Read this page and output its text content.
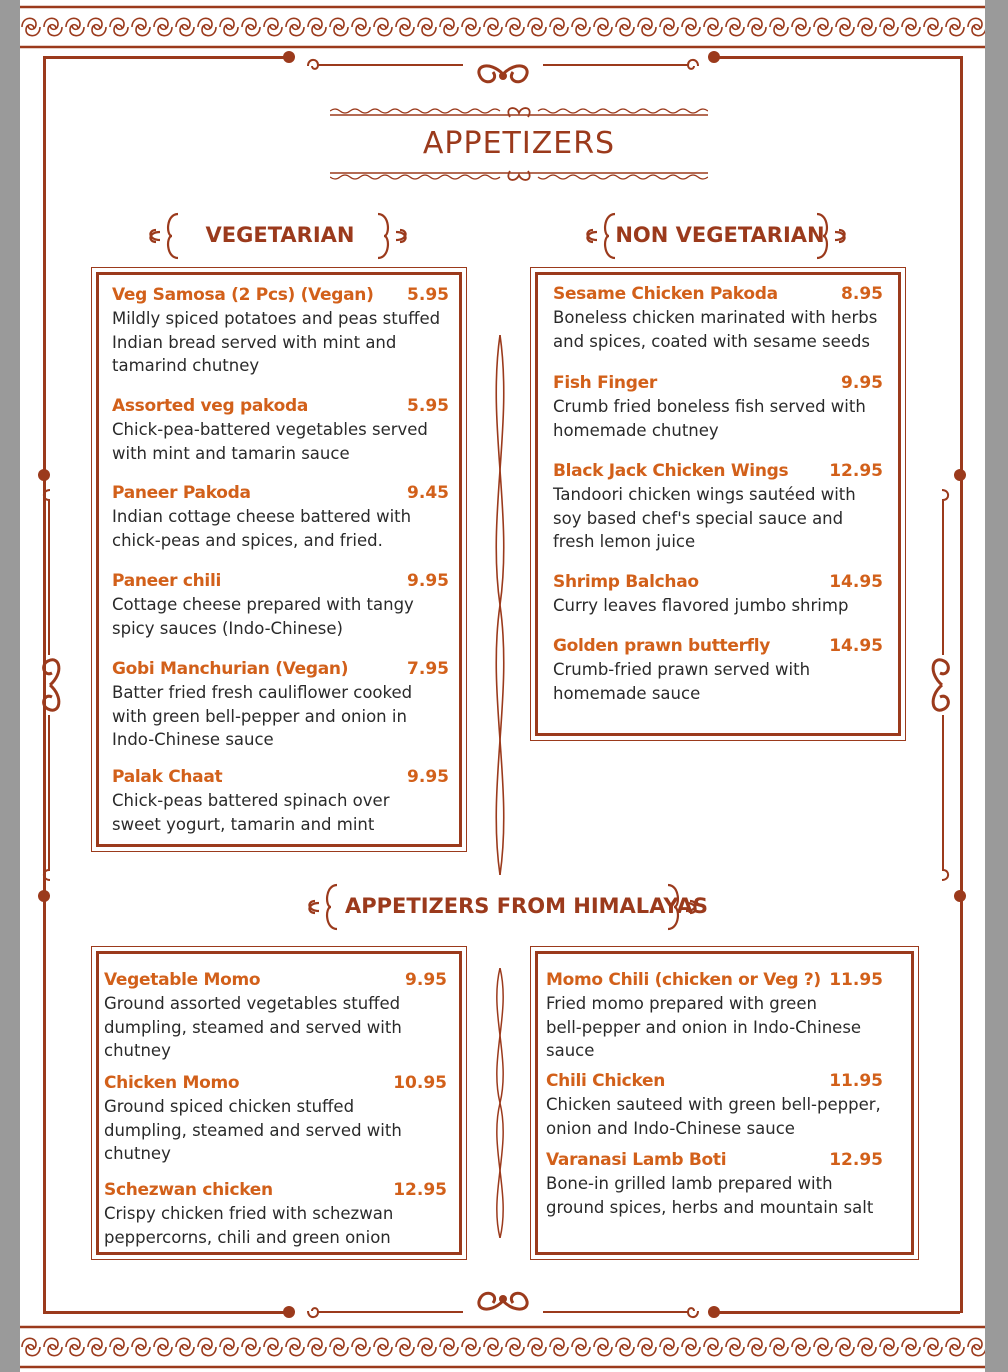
APPETIZERS
VEGETARIAN	NON VEGETARIAN
APPETIZERS FROM HIMALAYAS
Veg Samosa (2 Pcs) (Vegan) 5.95
Mildly spiced potatoes and peas stuffed
Indian bread served with mint and
tamarind chutney
Assorted veg pakoda	5.95
Chick-pea-battered vegetables served
with mint and tamarin sauce
Paneer Pakoda	9.45
Indian cottage cheese battered with
chick-peas and spices, and fried.
Paneer chili	9.95
Cottage cheese prepared with tangy
spicy sauces (Indo-Chinese)
Gobi Manchurian (Vegan)	7.95
Batter fried fresh cauliflower cooked
with green bell-pepper and onion in
Indo-Chinese sauce
Palak Chaat	9.95
Chick-peas battered spinach over
sweet yogurt, tamarin and mint
Sesame Chicken Pakoda	8.95
Boneless chicken marinated with herbs
and spices, coated with sesame seeds
Fish Finger	9.95
Crumb fried boneless fish served with
homemade chutney
Black Jack Chicken Wings 12.95
Tandoori chicken wings sautéed with
soy based chef's special sauce and
fresh lemon juice
Shrimp Balchao	14.95
Curry leaves flavored jumbo shrimp
Golden prawn butterfly	14.95
Crumb-fried prawn served with
homemade sauce
Vegetable Momo	9.95
Ground assorted vegetables stuffed
dumpling, steamed and served with
chutney
Chicken Momo	10.95
Ground spiced chicken stuffed
dumpling, steamed and served with
chutney
Schezwan chicken	12.95
Crispy chicken fried with schezwan
peppercorns, chili and green onion
Momo Chili (chicken or Veg ?) 11.95
Fried momo prepared with green
bell-pepper and onion in Indo-Chinese
sauce
Chili Chicken	11.95
Chicken sauteed with green bell-pepper,
onion and Indo-Chinese sauce
Varanasi Lamb Boti	12.95
Bone-in grilled lamb prepared with
ground spices, herbs and mountain salt
